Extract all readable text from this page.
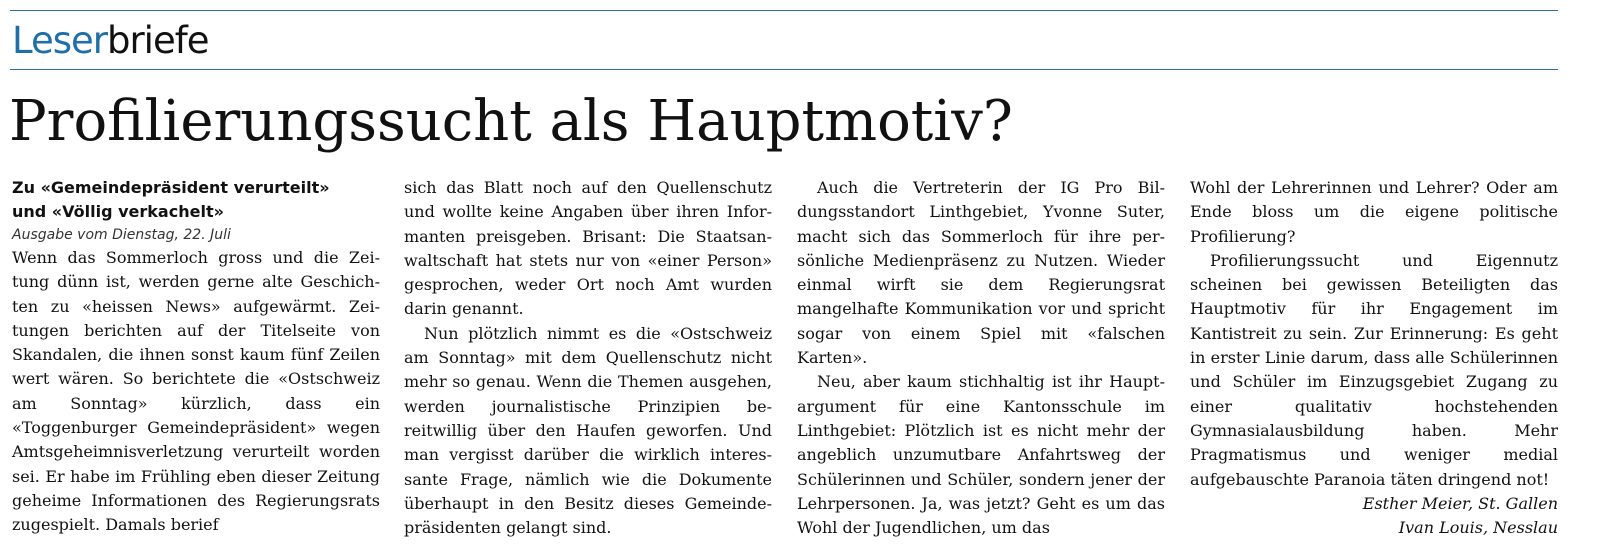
Leserbriefe
Profilierungssucht als Hauptmotiv?
Zu «Gemeindepräsident verurteilt»
und «Völlig verkachelt»
Ausgabe vom Dienstag, 22. Juli

Wenn das Sommerloch gross und die Zeitung dünn ist, werden gerne alte Geschichten zu «heissen News» aufgewärmt. Zeitungen berichten auf der Titelseite von Skandalen, die ihnen sonst kaum fünf Zeilen wert wären. So berichtete die «Ostschweiz am Sonntag» kürzlich, dass ein «Toggenburger Gemeindepräsident» wegen Amtsgeheimnisverletzung verurteilt worden sei. Er habe im Frühling eben dieser Zeitung geheime Informationen des Regierungsrats zugespielt. Damals berief

sich das Blatt noch auf den Quellenschutz und wollte keine Angaben über ihren Informanten preisgeben. Brisant: Die Staatsanwaltschaft hat stets nur von «einer Person» gesprochen, weder Ort noch Amt wurden darin genannt.

Nun plötzlich nimmt es die «Ostschweiz am Sonntag» mit dem Quellenschutz nicht mehr so genau. Wenn die Themen ausgehen, werden journalistische Prinzipien bereitwillig über den Haufen geworfen. Und man vergisst darüber die wirklich interessante Frage, nämlich wie die Dokumente überhaupt in den Besitz dieses Gemeindepräsidenten gelangt sind.

Auch die Vertreterin der IG Pro Bildungsstandort Linthgebiet, Yvonne Suter, macht sich das Sommerloch für ihre persönliche Medienpräsenz zu Nutzen. Wieder einmal wirft sie dem Regierungsrat mangelhafte Kommunikation vor und spricht sogar von einem Spiel mit «falschen Karten».

Neu, aber kaum stichhaltig ist ihr Hauptargument für eine Kantonsschule im Linthgebiet: Plötzlich ist es nicht mehr der angeblich unzumutbare Anfahrtsweg der Schülerinnen und Schüler, sondern jener der Lehrpersonen. Ja, was jetzt? Geht es um das Wohl der Jugendlichen, um das

Wohl der Lehrerinnen und Lehrer? Oder am Ende bloss um die eigene politische Profilierung?

Profilierungssucht und Eigennutz scheinen bei gewissen Beteiligten das Hauptmotiv für ihr Engagement im Kantistreit zu sein. Zur Erinnerung: Es geht in erster Linie darum, dass alle Schülerinnen und Schüler im Einzugsgebiet Zugang zu einer qualitativ hochstehenden Gymnasialausbildung haben. Mehr Pragmatismus und weniger medial aufgebauschte Paranoia täten dringend not!

Esther Meier, St. Gallen

Ivan Louis, Nesslau
